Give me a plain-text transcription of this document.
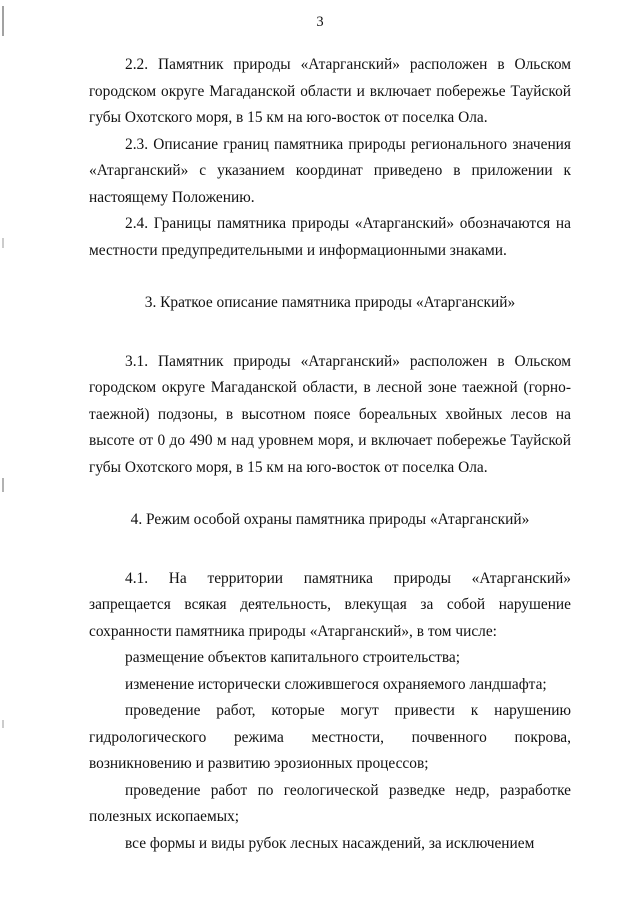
3

2.2. Памятник природы «Атарганский» расположен в Ольском городском округе Магаданской области и включает побережье Тауйской губы Охотского моря, в 15 км на юго-восток от поселка Ола.

2.3. Описание границ памятника природы регионального значения «Атарганский» с указанием координат приведено в приложении к настоящему Положению.

2.4. Границы памятника природы «Атарганский» обозначаются на местности предупредительными и информационными знаками.

3. Краткое описание памятника природы «Атарганский»

3.1. Памятник природы «Атарганский» расположен в Ольском городском округе Магаданской области, в лесной зоне таежной (горно-таежной) подзоны, в высотном поясе бореальных хвойных лесов на высоте от 0 до 490 м над уровнем моря, и включает побережье Тауйской губы Охотского моря, в 15 км на юго-восток от поселка Ола.

4. Режим особой охраны памятника природы «Атарганский»

4.1. На территории памятника природы «Атарганский» запрещается всякая деятельность, влекущая за собой нарушение сохранности памятника природы «Атарганский», в том числе:

размещение объектов капитального строительства;

изменение исторически сложившегося охраняемого ландшафта;

проведение работ, которые могут привести к нарушению гидрологического режима местности, почвенного покрова, возникновению и развитию эрозионных процессов;

проведение работ по геологической разведке недр, разработке полезных ископаемых;

все формы и виды рубок лесных насаждений, за исключением
